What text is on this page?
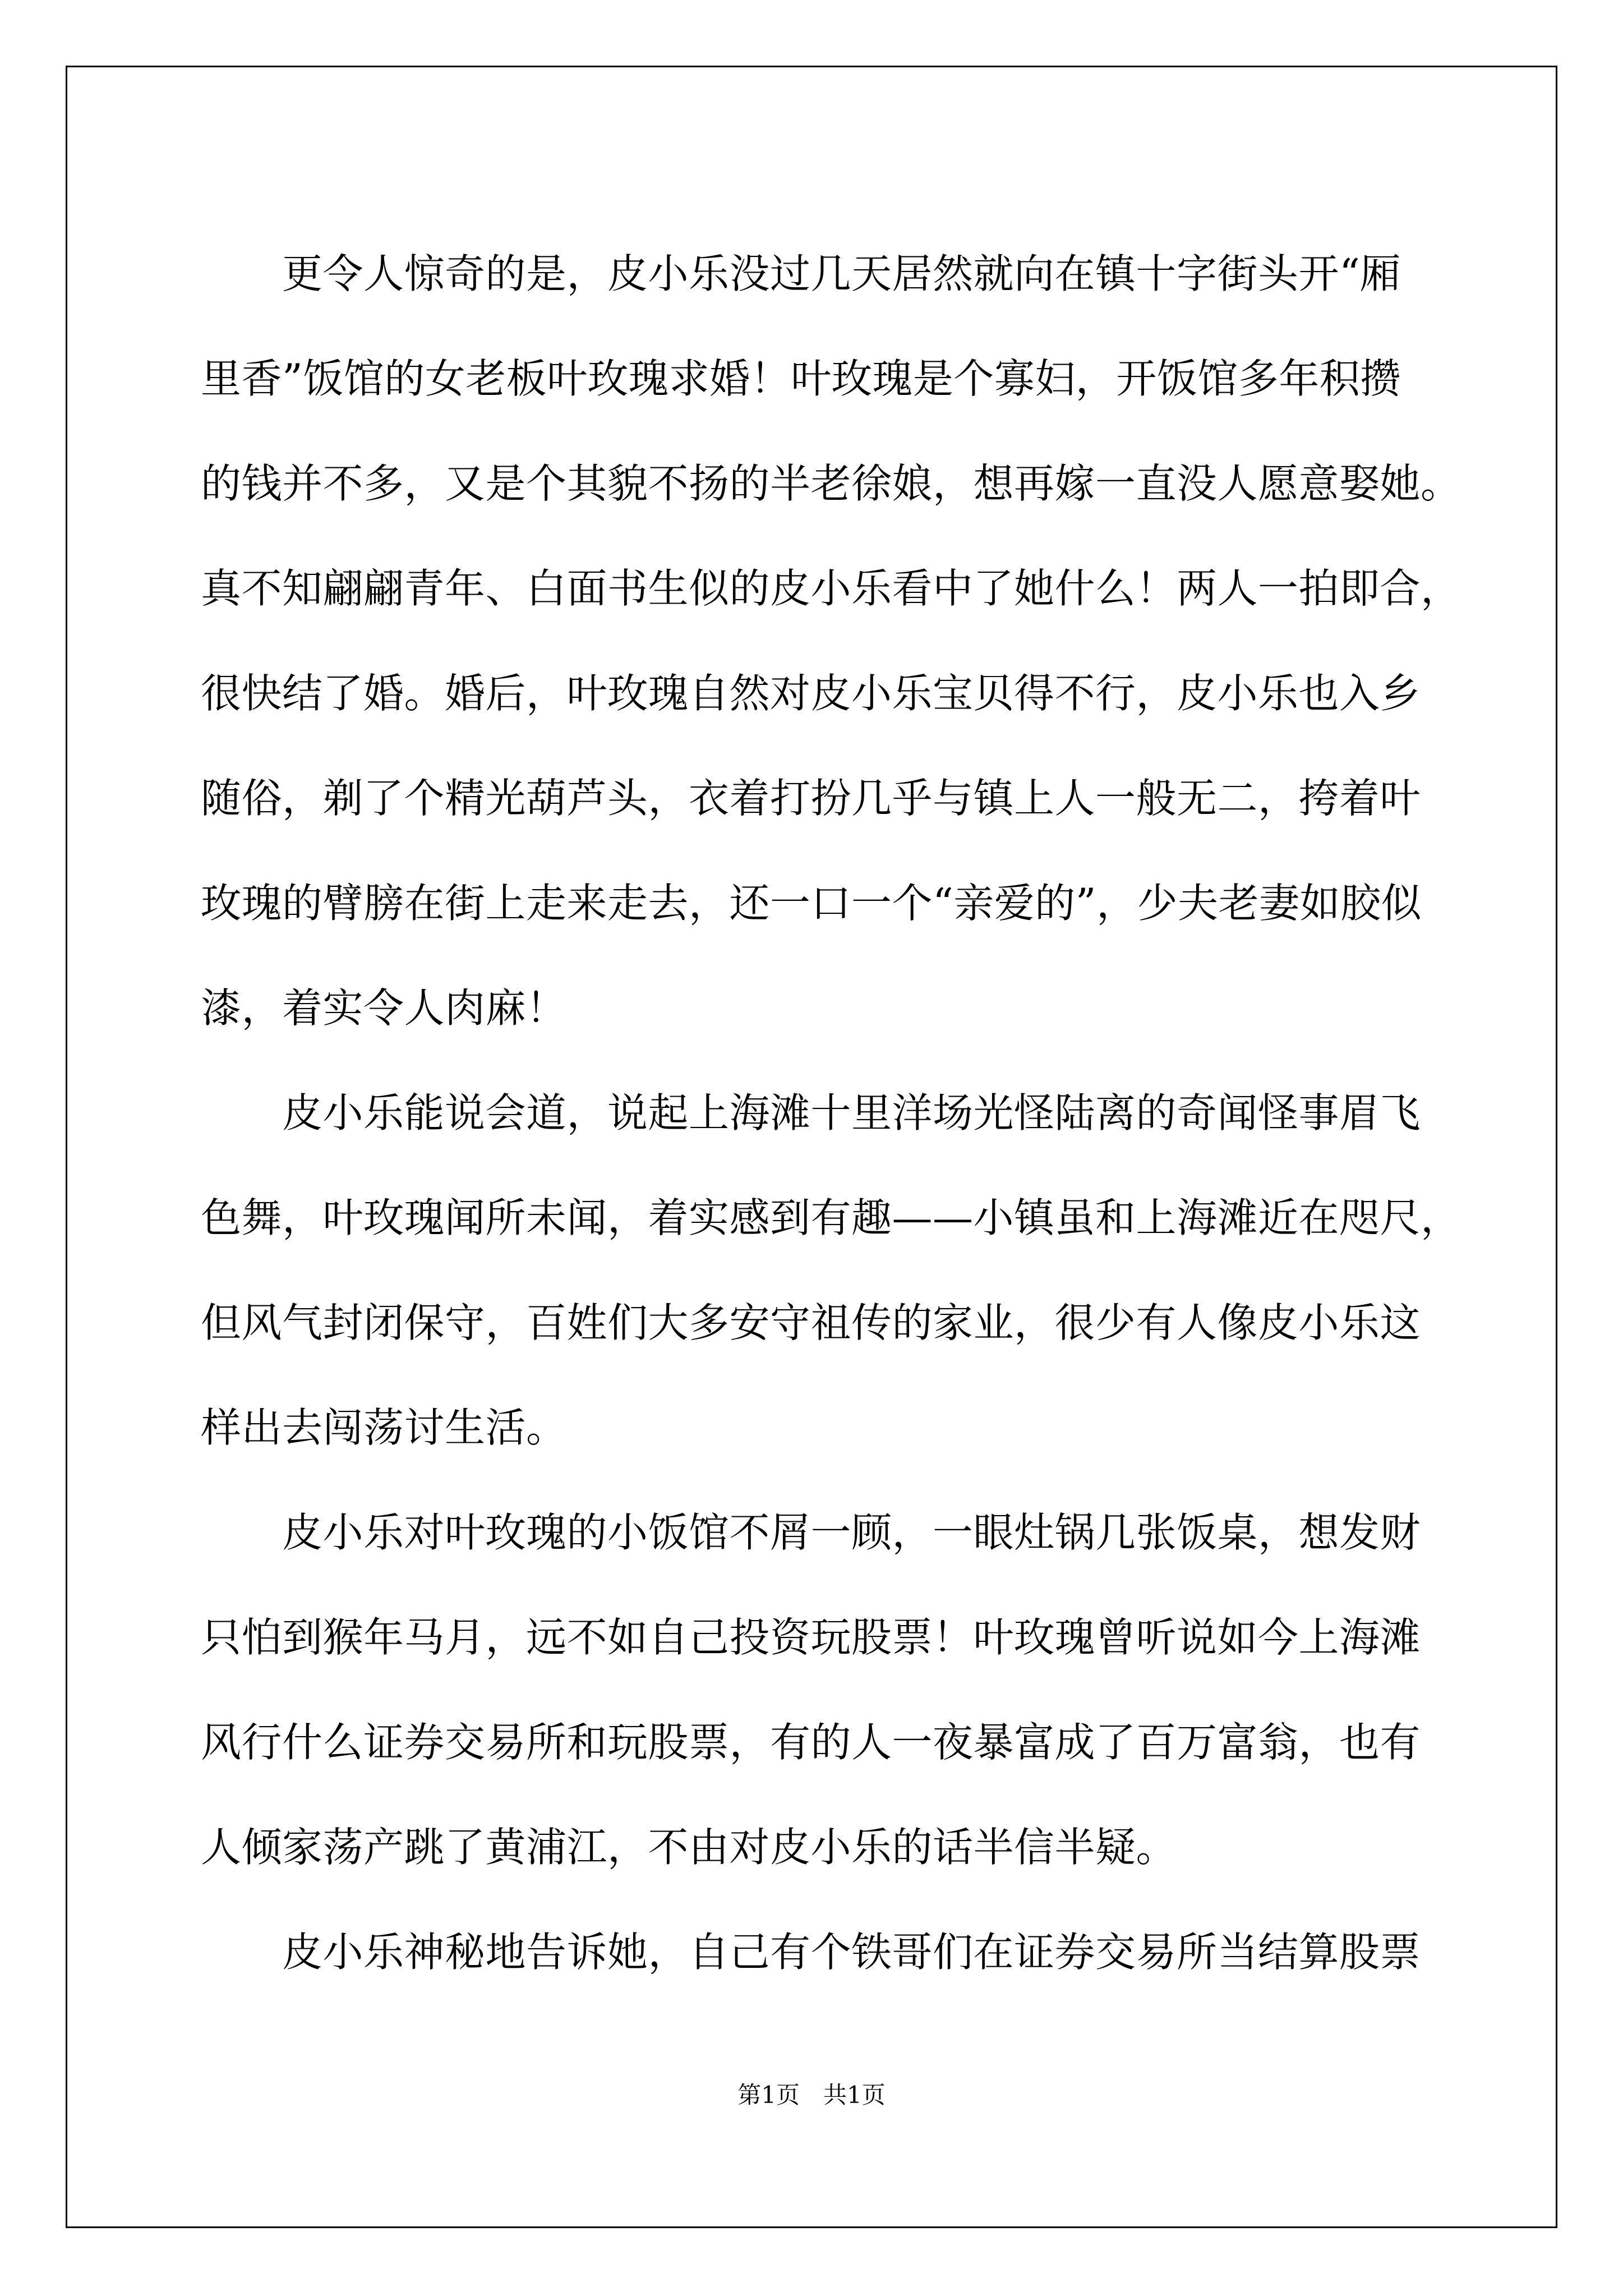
　　更令人惊奇的是，皮小乐没过几天居然就向在镇十字街头开“厢
里香”饭馆的女老板叶玫瑰求婚！叶玫瑰是个寡妇，开饭馆多年积攒
的钱并不多，又是个其貌不扬的半老徐娘，想再嫁一直没人愿意娶她。
真不知翩翩青年、白面书生似的皮小乐看中了她什么！两人一拍即合，
很快结了婚。婚后，叶玫瑰自然对皮小乐宝贝得不行，皮小乐也入乡
随俗，剃了个精光葫芦头，衣着打扮几乎与镇上人一般无二，挎着叶
玫瑰的臂膀在街上走来走去，还一口一个“亲爱的”，少夫老妻如胶似
漆，着实令人肉麻！
　　皮小乐能说会道，说起上海滩十里洋场光怪陆离的奇闻怪事眉飞
色舞，叶玫瑰闻所未闻，着实感到有趣——小镇虽和上海滩近在咫尺，
但风气封闭保守，百姓们大多安守祖传的家业，很少有人像皮小乐这
样出去闯荡讨生活。
　　皮小乐对叶玫瑰的小饭馆不屑一顾，一眼灶锅几张饭桌，想发财
只怕到猴年马月，远不如自己投资玩股票！叶玫瑰曾听说如今上海滩
风行什么证券交易所和玩股票，有的人一夜暴富成了百万富翁，也有
人倾家荡产跳了黄浦江，不由对皮小乐的话半信半疑。
　　皮小乐神秘地告诉她，自己有个铁哥们在证券交易所当结算股票
第1页　共1页
